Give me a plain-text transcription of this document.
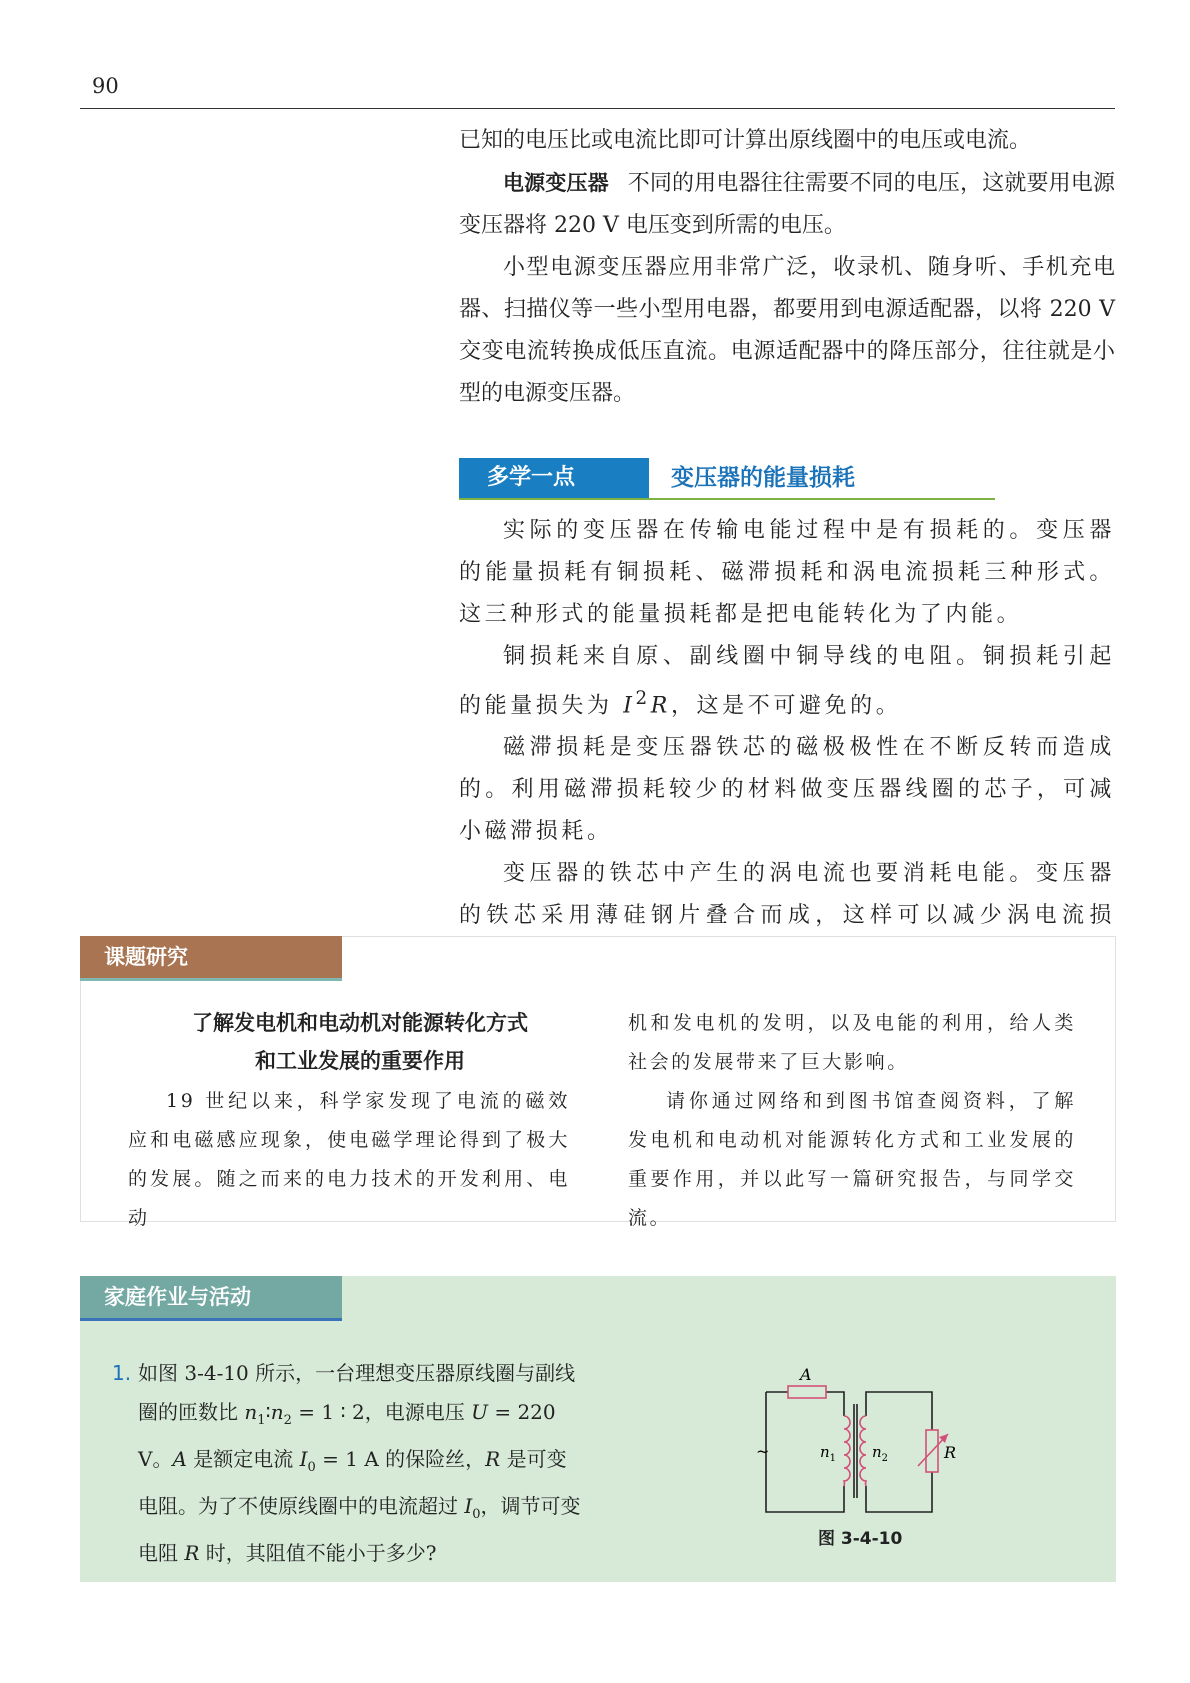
90

已知的电压比或电流比即可计算出原线圈中的电压或电流。

电源变压器 不同的用电器往往需要不同的电压，这就要用电源变压器将 220 V 电压变到所需的电压。

小型电源变压器应用非常广泛，收录机、随身听、手机充电器、扫描仪等一些小型用电器，都要用到电源适配器，以将 220 V 交变电流转换成低压直流。电源适配器中的降压部分，往往就是小型的电源变压器。

多学一点	变压器的能量损耗

实际的变压器在传输电能过程中是有损耗的。变压器的能量损耗有铜损耗、磁滞损耗和涡电流损耗三种形式。这三种形式的能量损耗都是把电能转化为了内能。

铜损耗来自原、副线圈中铜导线的电阻。铜损耗引起的能量损失为 $I^2R$，这是不可避免的。

磁滞损耗是变压器铁芯的磁极极性在不断反转而造成的。利用磁滞损耗较少的材料做变压器线圈的芯子，可减小磁滞损耗。

变压器的铁芯中产生的涡电流也要消耗电能。变压器的铁芯采用薄硅钢片叠合而成，这样可以减少涡电流损

课题研究
了解发电机和电动机对能源转化方式
和工业发展的重要作用

19 世纪以来，科学家发现了电流的磁效应和电磁感应现象，使电磁学理论得到了极大的发展。随之而来的电力技术的开发利用、电动

机和发电机的发明，以及电能的利用，给人类社会的发展带来了巨大影响。

请你通过网络和到图书馆查阅资料，了解发电机和电动机对能源转化方式和工业发展的重要作用，并以此写一篇研究报告，与同学交流。

家庭作业与活动
1. 如图 3-4-10 所示，一台理想变压器原线圈与副线圈的匝数比 $n_1∶n_2 = 1$ ∶ 2，电源电压 U = 220 V。A 是额定电流 $I_0 = 1$ A 的保险丝，R 是可变电阻。为了不使原线圈中的电流超过 $I_0$，调节可变电阻 R 时，其阻值不能小于多少?

A
~	$n_1$ $n_2$	R
图 3-4-10
